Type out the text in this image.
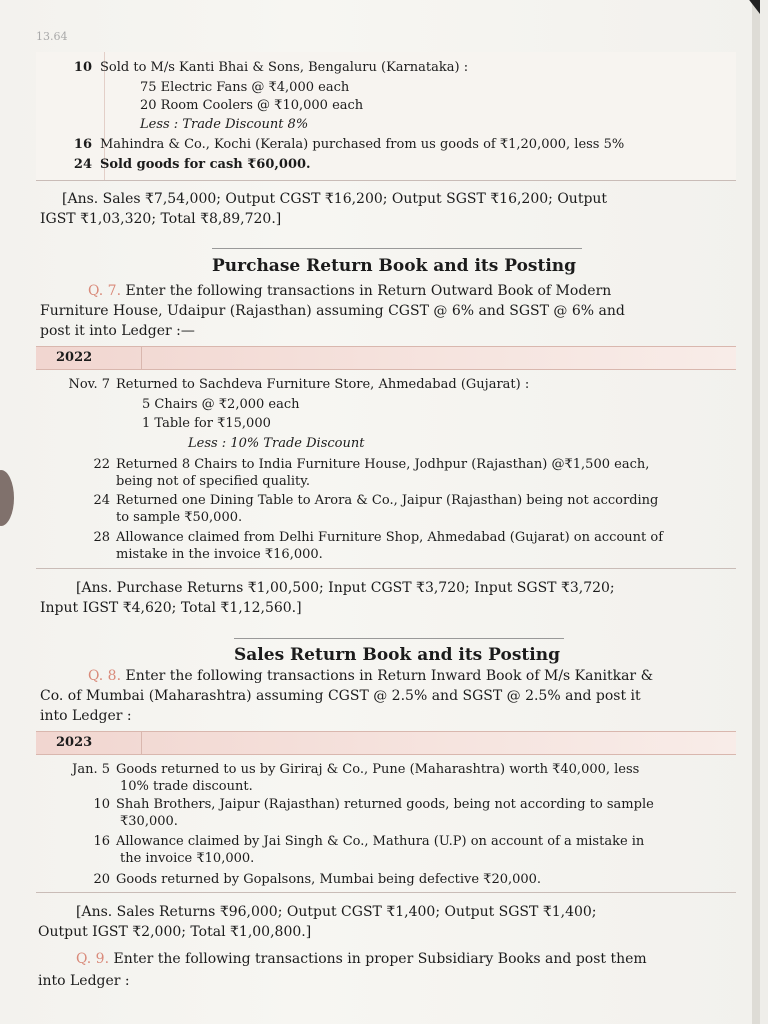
13.64
10 Sold to M/s Kanti Bhai & Sons, Bengaluru (Karnataka) :
75 Electric Fans @ ₹4,000 each
20 Room Coolers @ ₹10,000 each
Less : Trade Discount 8%
16 Mahindra & Co., Kochi (Kerala) purchased from us goods of ₹1,20,000, less 5%
24 Sold goods for cash ₹60,000.
[Ans. Sales ₹7,54,000; Output CGST ₹16,200; Output SGST ₹16,200; Output
IGST ₹1,03,320; Total ₹8,89,720.]
Purchase Return Book and its Posting
Q. 7. Enter the following transactions in Return Outward Book of Modern
Furniture House, Udaipur (Rajasthan) assuming CGST @ 6% and SGST @ 6% and
post it into Ledger :—
2022
Nov. 7 Returned to Sachdeva Furniture Store, Ahmedabad (Gujarat) :
5 Chairs @ ₹2,000 each
1 Table for ₹15,000
Less : 10% Trade Discount
22 Returned 8 Chairs to India Furniture House, Jodhpur (Rajasthan) @₹1,500 each,
being not of specified quality.
24 Returned one Dining Table to Arora & Co., Jaipur (Rajasthan) being not according
to sample ₹50,000.
28 Allowance claimed from Delhi Furniture Shop, Ahmedabad (Gujarat) on account of
mistake in the invoice ₹16,000.
[Ans. Purchase Returns ₹1,00,500; Input CGST ₹3,720; Input SGST ₹3,720;
Input IGST ₹4,620; Total ₹1,12,560.]
Sales Return Book and its Posting
Q. 8. Enter the following transactions in Return Inward Book of M/s Kanitkar &
Co. of Mumbai (Maharashtra) assuming CGST @ 2.5% and SGST @ 2.5% and post it
into Ledger :
2023
Jan. 5 Goods returned to us by Giriraj & Co., Pune (Maharashtra) worth ₹40,000, less
10% trade discount.
10 Shah Brothers, Jaipur (Rajasthan) returned goods, being not according to sample
₹30,000.
16 Allowance claimed by Jai Singh & Co., Mathura (U.P) on account of a mistake in
the invoice ₹10,000.
20 Goods returned by Gopalsons, Mumbai being defective ₹20,000.
[Ans. Sales Returns ₹96,000; Output CGST ₹1,400; Output SGST ₹1,400;
Output IGST ₹2,000; Total ₹1,00,800.]
Q. 9. Enter the following transactions in proper Subsidiary Books and post them
into Ledger :
